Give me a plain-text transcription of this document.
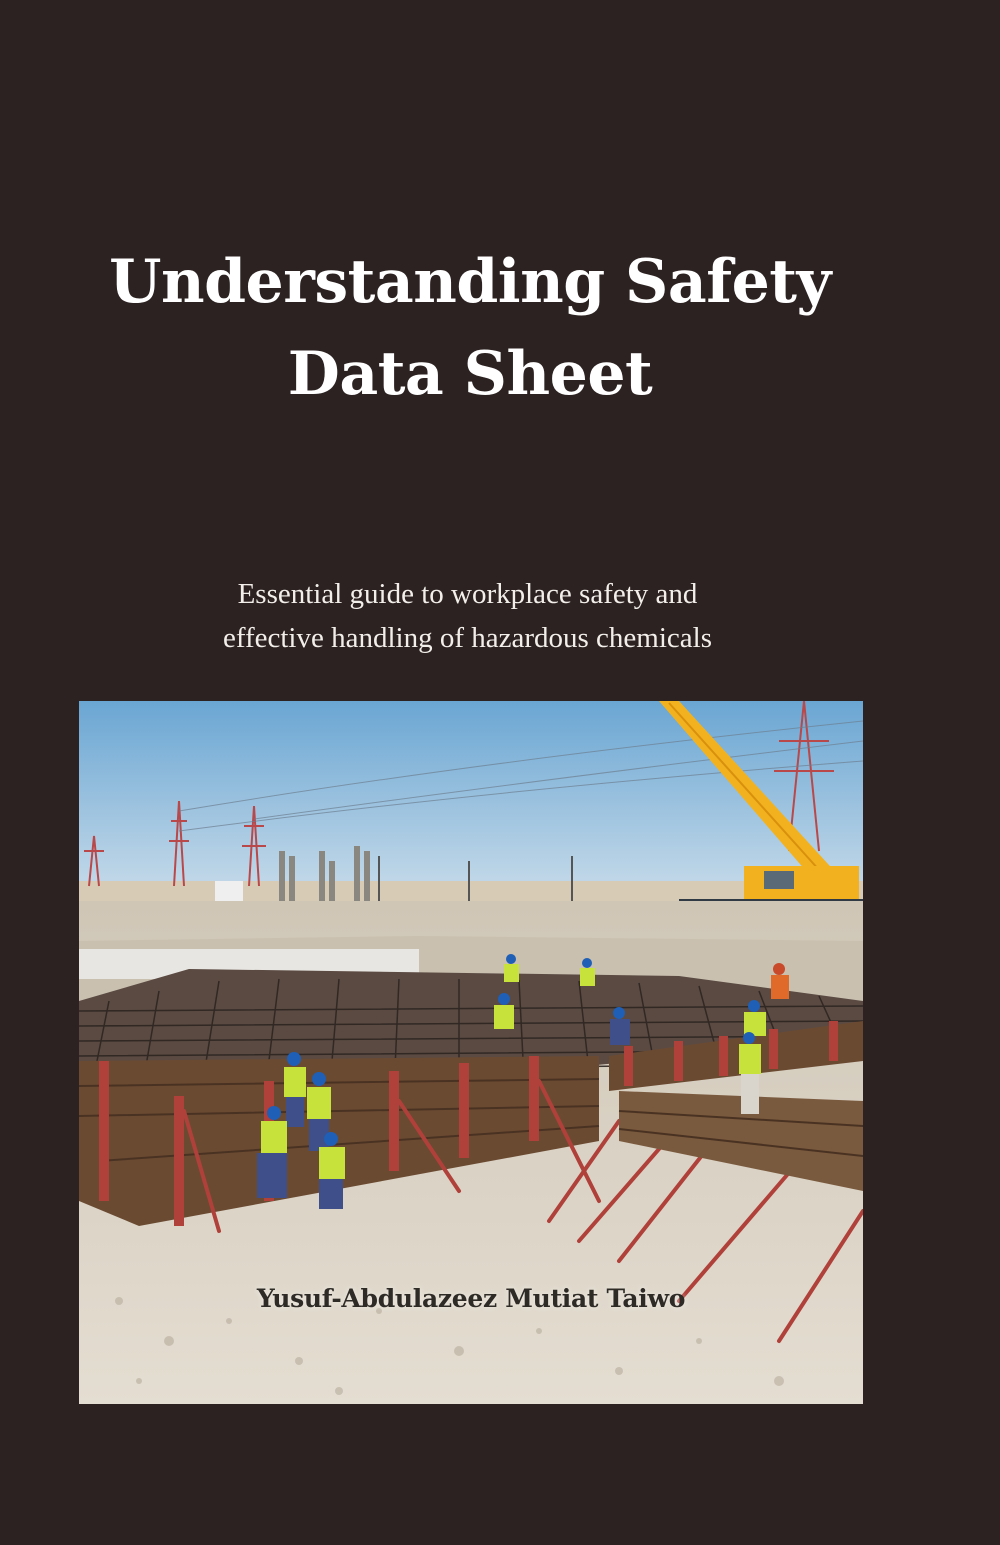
Understanding Safety
Data Sheet
Essential guide to workplace safety and
effective handling of hazardous chemicals
Yusuf-Abdulazeez Mutiat Taiwo
